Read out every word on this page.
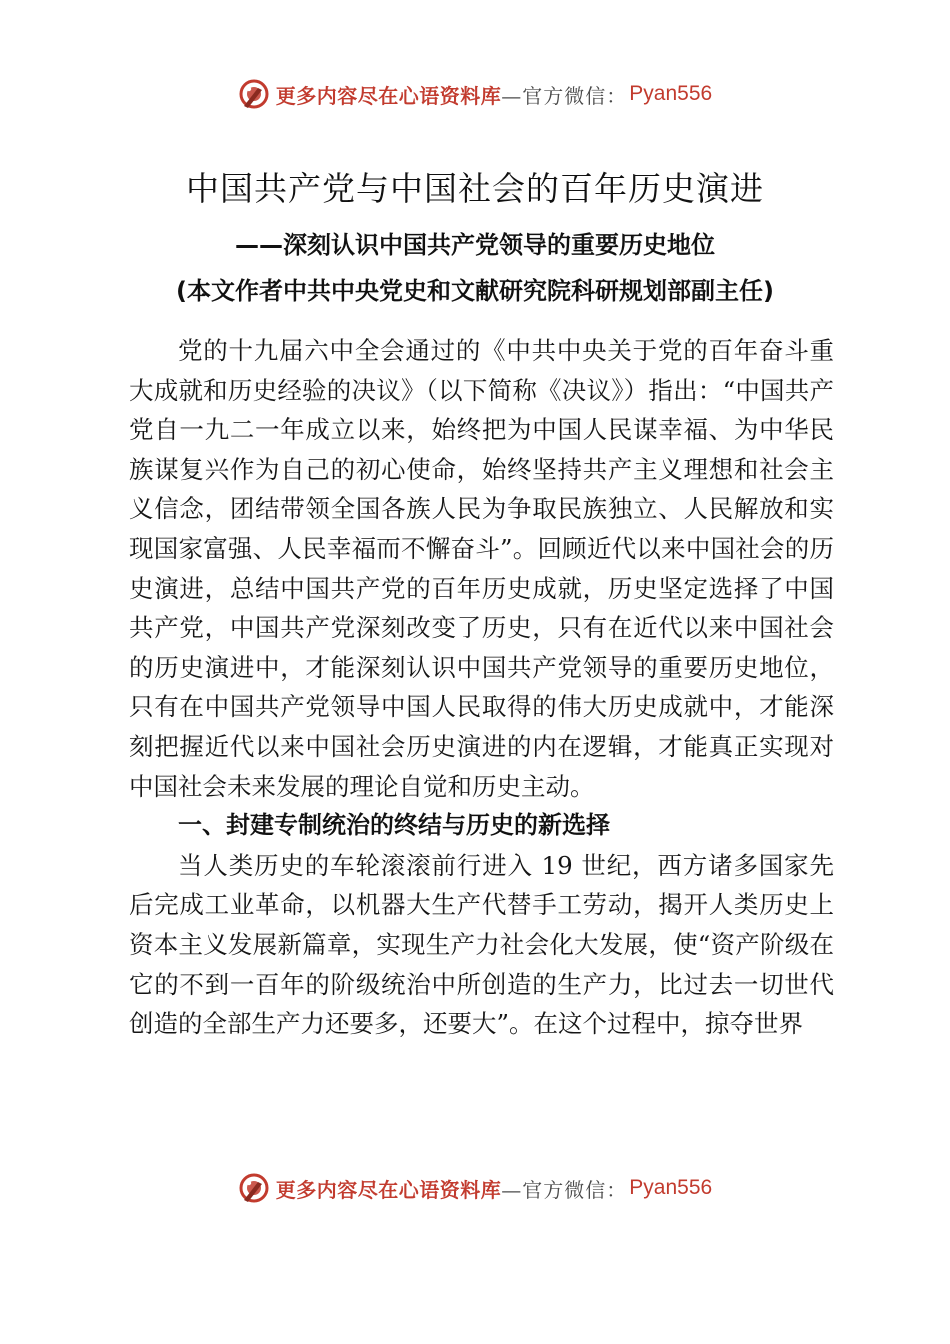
更多内容尽在心语资料库 —官方微信： Pyan556
中国共产党与中国社会的百年历史演进
——深刻认识中国共产党领导的重要历史地位
(本文作者中共中央党史和文献研究院科研规划部副主任)

党的十九届六中全会通过的《中共中央关于党的百年奋斗重大成就和历史经验的决议》（以下简称《决议》）指出：“中国共产党自一九二一年成立以来，始终把为中国人民谋幸福、为中华民族谋复兴作为自己的初心使命，始终坚持共产主义理想和社会主义信念，团结带领全国各族人民为争取民族独立、人民解放和实现国家富强、人民幸福而不懈奋斗”。回顾近代以来中国社会的历史演进，总结中国共产党的百年历史成就，历史坚定选择了中国共产党，中国共产党深刻改变了历史，只有在近代以来中国社会的历史演进中，才能深刻认识中国共产党领导的重要历史地位，只有在中国共产党领导中国人民取得的伟大历史成就中，才能深刻把握近代以来中国社会历史演进的内在逻辑，才能真正实现对中国社会未来发展的理论自觉和历史主动。

一、封建专制统治的终结与历史的新选择

当人类历史的车轮滚滚前行进入 19 世纪，西方诸多国家先后完成工业革命，以机器大生产代替手工劳动，揭开人类历史上资本主义发展新篇章，实现生产力社会化大发展，使“资产阶级在它的不到一百年的阶级统治中所创造的生产力，比过去一切世代创造的全部生产力还要多，还要大”。在这个过程中，掠夺世界

更多内容尽在心语资料库 —官方微信： Pyan556
